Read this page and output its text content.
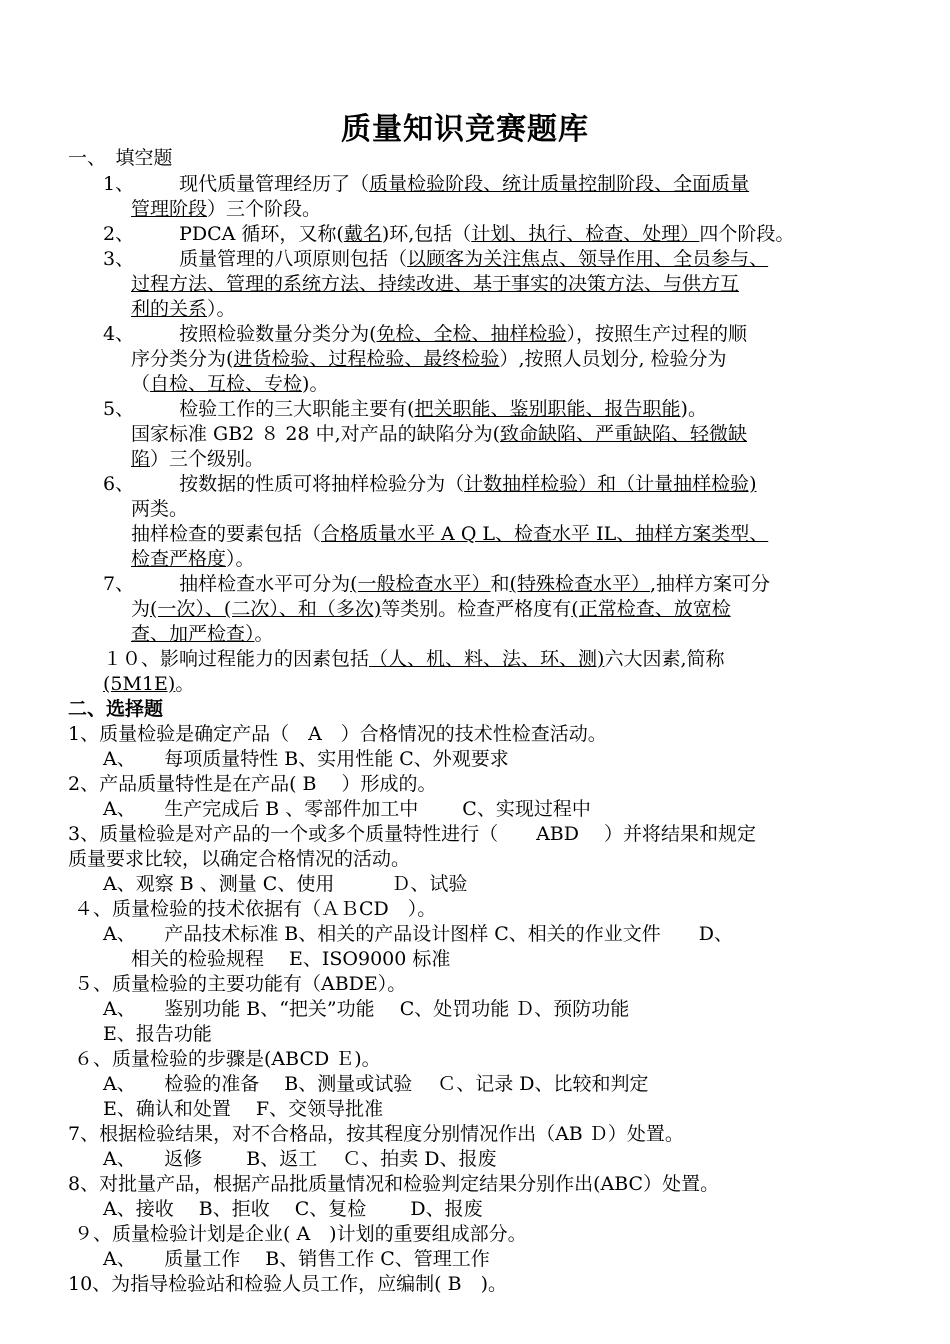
质量知识竞赛题库
一、　填空题
1、 现代质量管理经历了（质量检验阶段、统计质量控制阶段、全面质量
管理阶段）三个阶段。
2、 PDCA 循环，又称(戴名)环,包括（计划、执行、检查、处理）四个阶段。
3、 质量管理的八项原则包括（以顾客为关注焦点、领导作用、全员参与、
过程方法、管理的系统方法、持续改进、基于事实的决策方法、与供方互
利的关系）。
4、 按照检验数量分类分为(免检、全检、抽样检验），按照生产过程的顺
序分类分为(进货检验、过程检验、最终检验）,按照人员划分, 检验分为
（自检、互检、专检)。
5、 检验工作的三大职能主要有(把关职能、鉴别职能、报告职能)。
国家标准 GB2 ８ 28 中,对产品的缺陷分为(致命缺陷、严重缺陷、轻微缺
陷）三个级别。
6、 按数据的性质可将抽样检验分为（计数抽样检验）和（计量抽样检验)
两类。
抽样检查的要素包括（合格质量水平 A Q L、检查水平 IL、抽样方案类型、
检查严格度）。
7、 抽样检查水平可分为(一般检查水平）和(特殊检查水平）,抽样方案可分
为(一次）、(二次）、和（多次)等类别。检查严格度有(正常检查、放宽检
查、加严检查）。
１０、影响过程能力的因素包括（人、机、料、法、环、测)六大因素,简称
(5M1E)。
二、选择题
1、质量检验是确定产品（　A　）合格情况的技术性检查活动。
A、　　每项质量特性 B、实用性能 C、外观要求
2、产品质量特性是在产品( B　 ）形成的。
A、　　生产完成后 B 、零部件加工中　　 C、实现过程中
3、质量检验是对产品的一个或多个质量特性进行（　　ABD　 ）并将结果和规定
质量要求比较，以确定合格情况的活动。
A、观察 B 、测量 C、使用　　　Ｄ、试验
４、质量检验的技术依据有（ＡＢCD　）。
A、　　产品技术标准 B、相关的产品设计图样 C、相关的作业文件　　D、
相关的检验规程　 E、ISO9000 标准
５、质量检验的主要功能有（ABDE）。
A、　　鉴别功能 B、“把关”功能　 C、处罚功能 Ｄ、预防功能
E、报告功能
６、质量检验的步骤是(ABCD Ｅ)。
A、　　检验的准备　 B、测量或试验　 Ｃ、记录 D、比较和判定
E、确认和处置　 F、交领导批准
7、根据检验结果，对不合格品，按其程度分别情况作出（AB Ｄ）处置。
A、　　返修　　 B、返工　 Ｃ、拍卖 D、报废
8、对批量产品，根据产品批质量情况和检验判定结果分别作出(ABC）处置。
A、接收　 B、拒收　 C、复检　　 D、报废
９、质量检验计划是企业( A　)计划的重要组成部分。
A、　　质量工作　 B、销售工作 C、管理工作
10、为指导检验站和检验人员工作，应编制( B　)。
